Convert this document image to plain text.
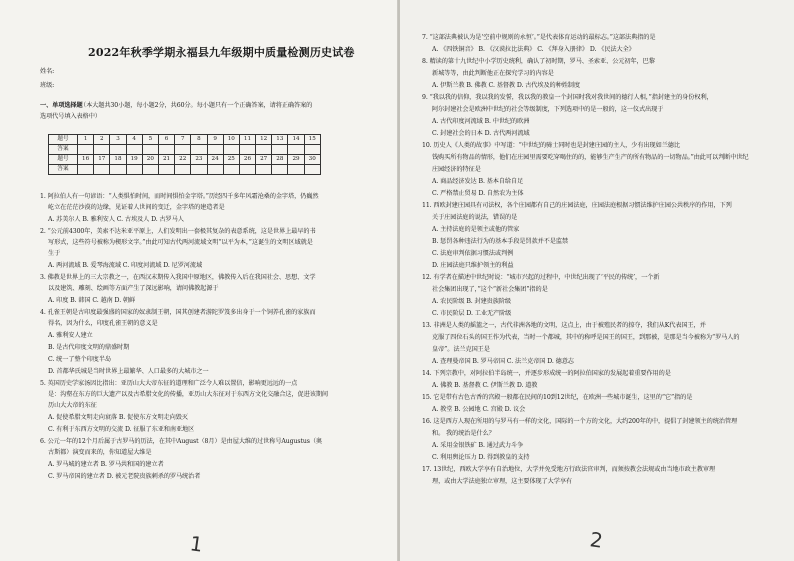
2022年秋季学期永福县九年级期中质量检测历史试卷
姓名:
班级:
一、单项选择题
（本大题共30小题，每小题2分，共60分。每小题只有一个正确答案，请将正确答案的
选项代号填入表格中）
题号	1	2	3	4	5	6	7	8	9	10	11	12	13	14	15
答案															
题号	16	17	18	19	20	21	22	23	24	25	26	27	28	29	30
答案															
1. 阿拉伯人有一句谚语：“人类惧怕时间，而时间惧怕金字塔。”历经四千多年风霜沧桑的金字塔，仍巍然
屹立在茫茫沙漠的边缘，见证着人世间的变迁，金字塔的建造者是
A. 苏美尔人 B. 雅利安人 C. 古埃及人 D. 古罗马人
2. “公元前4300年，美索不达米亚平原上，人们发明出一套极其复杂的表意系统，这是世界上最早的书
写形式，这些符号被称为楔形文字。”由此可知古代两河流域文明“以平为本，”这诞生的文明区域就是
生于
A. 两河流域 B. 爱琴海流域 C. 印度河流域 D. 尼罗河流域
3. 佛教是世界上的三大宗教之一，在西汉末期传入我国中原地区，佛教传入后在我国社会、思想、文学
以及建筑、雕刻、绘画等方面产生了深远影响，请问佛教起源于
A. 印度 B. 韩国 C. 越南 D. 朝鲜
4. 孔雀王朝是古印度最强盛的国家的奴隶制王朝，国其创建者游陀罗笈多出身于一个饲养孔雀的家族而
得名，因为什么，印度孔雀王朝的意义是
A. 雅利安人建立
B. 是古代印度文明的鼎盛时期
C. 统一了整个印度半岛
D. 首都华氏城是当时世界上最繁华、人口最多的大城市之一
5. 英国历史学家汤因比指出：亚历山大大帝东征的道理和广泛令人难以置信，影响更远远的一点
是：沟壑在东方的巨大遗产以及古希腊文化的传播，亚历山大东征对于东西方文化交融合这，促进该期间
历山大大帝的东征
A. 促使希腊文明走向衰落 B. 促使东方文明走向毁灭
C. 有利于东西方文明的交流 D. 征服了东亚和南亚地区
6. 公元一年的12个月后属于古罗马的历法，在其中August（8月）是由屋大维的过世称号Augustus（奥
古斯都）演变而来的，你知道屋大维是
A. 罗马城的建立者 B. 罗马共和国的建立者
C. 罗马帝国的建立者 D. 被元老院贵族刺杀的罗马统治者
1
7. “这部法典被认为是‘空前中规则的永恒’。”是代表体育运动的最标志。”这部法典指的是
A. 《四铁铜音》 B. 《汉谟拉比法典》 C. 《拜身入册律》 D. 《民法大全》
8. 精读的第十九世纪中小学历史统利，确认了初时期，罗马、圣索亚、公元初年，巴黎
新城等等，由此判断他正在探究学习的内容是
A. 伊斯兰教 B. 佛教 C. 基督教 D. 古代埃及的种姓制度
9. “我以我的信仰，我以我的发誓，我以我的教皇一个封国时我对我世间的德行人相，”指封建主的身份权利，
阿尔封建社会是欧洲中世纪的社会等级制度，下列选项中的是一般的，这一仪式出现于
A. 古代印度河流域 B. 中世纪的欧洲
C. 封建社会的日本 D. 古代两河流域
10. 历史人《人类的故事》中写道：“中世纪的骑士同时也是封建庄园的主人，少有出现如兰德比
钱购买所有物品的情形，他们在庄园里需要吃穿喝住的的，能够生产生产的所有物品的一切物品。”由此可以判断中世纪
庄园经济的特征是
A. 商品经济发达 B. 基本自给自足
C. 严格禁止贸易 D. 自然农为主体
11. 西欧封建庄园具有司法权，各个庄园都有自己的庄园法庭，庄园法庭根据习惯法维护庄园公共秩序的作用，下列
关于庄园法庭的说法，错误的是
A. 主持法庭的是领主或他的管家
B. 惩罚各种违法行为的基本手段是罚款并不是监禁
C. 法庭审判依据习惯法或判例
D. 庄园法庭只维护领主的利益
12. 有学者在描述中世纪时说：“城市兴起的过程中，中世纪出现了‘平民的传统’，一个新
社会集团出现了，”这个“新社会集团”指的是
A. 农民阶级 B. 封建贵族阶级
C. 市民阶层 D. 工业无产阶级
13. 非洲是人类的摇篮之一，古代非洲各地的文明，这点上，由于被殖民者的掠夺，我们从K代表国王，并
克服了四位石头的国王作为代表，当时一个都城，其中的称呼是国王的国王，到那被，是那是当今被称为“罗马人的
皇帝”。法兰克国王是
A. 查理曼帝国 B. 罗马帝国 C. 法兰克帝国 D. 德意志
14. 下列宗教中，对阿拉伯半岛统一，并逐步形成统一的阿拉伯国家的发展起着重要作用的是
A. 佛教 B. 基督教 C. 伊斯兰教 D. 道教
15. 它是带有古色古香的宫殿一般都在民间的10到12世纪，在欧洲一些城市诞生，这里的“它”指的是
A. 教堂 B. 公园地 C. 宫殿 D. 议会
16. 这是西方人现在所用的与罗马有一样的文化，国际的一个方的文化，大约200年的中，提倡了封建领主的统治管理
和。 我的统治是什么？
A. 采用金银铁矿 B. 通过武力斗争
C. 利用舆论压力 D. 得到教皇的支持
17. 13世纪，西欧大学享有自治地位，大学并免受地方行政法官审判，而须按教会法规或由当地市政主教审理
理，或由大学法庭独立审理，这主要体现了大学享有
2
